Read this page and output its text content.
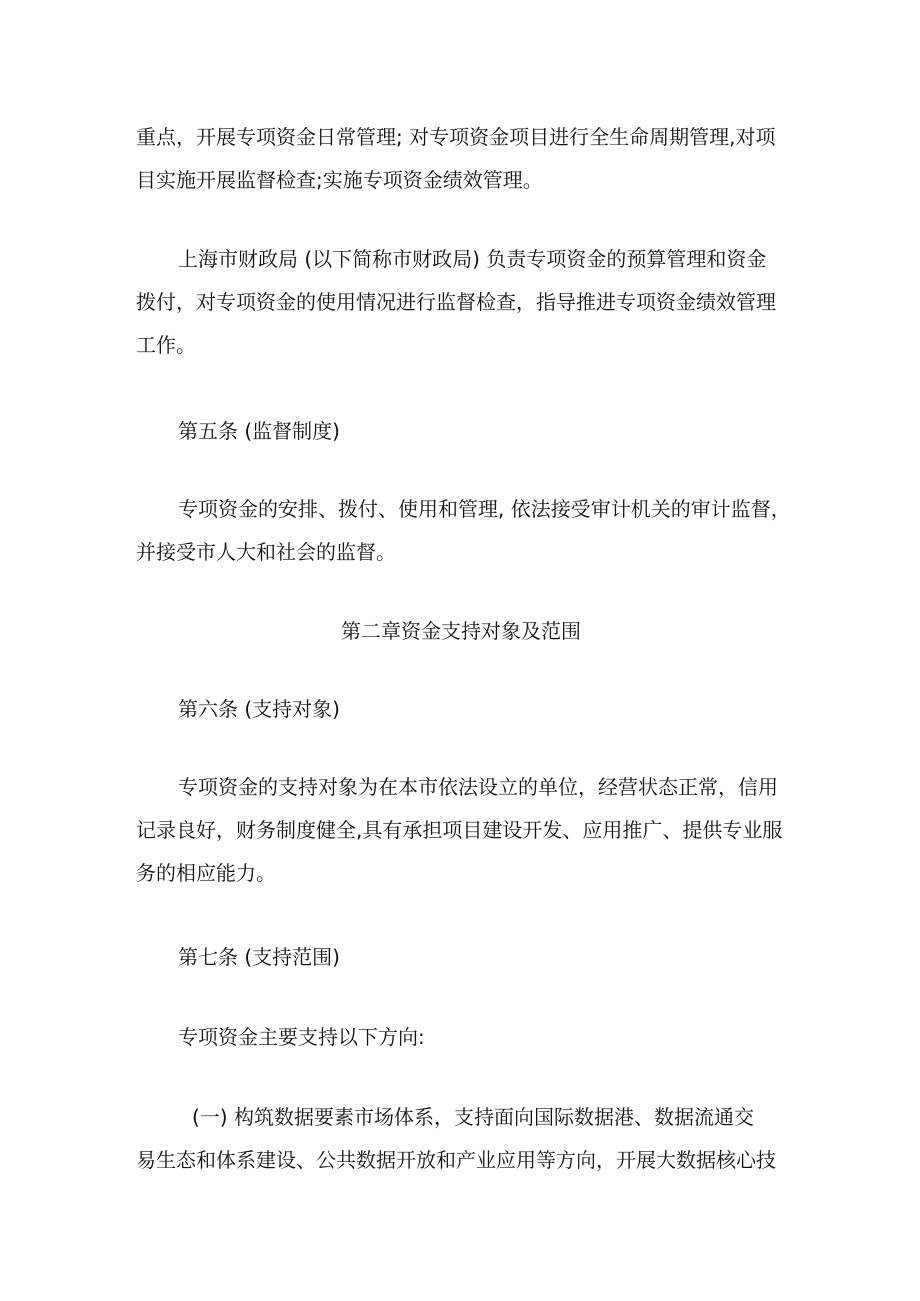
重点，开展专项资金日常管理; 对专项资金项目进行全生命周期管理,对项
目实施开展监督检查;实施专项资金绩效管理。
上海市财政局 (以下简称市财政局) 负责专项资金的预算管理和资金
拨付，对专项资金的使用情况进行监督检查，指导推进专项资金绩效管理
工作。
第五条 (监督制度)
专项资金的安排、拨付、使用和管理, 依法接受审计机关的审计监督，
并接受市人大和社会的监督。
第二章资金支持对象及范围
第六条 (支持对象)
专项资金的支持对象为在本市依法设立的单位，经营状态正常，信用
记录良好，财务制度健全,具有承担项目建设开发、应用推广、提供专业服
务的相应能力。
第七条 (支持范围)
专项资金主要支持以下方向:
(一) 构筑数据要素市场体系，支持面向国际数据港、数据流通交
易生态和体系建设、公共数据开放和产业应用等方向，开展大数据核心技
